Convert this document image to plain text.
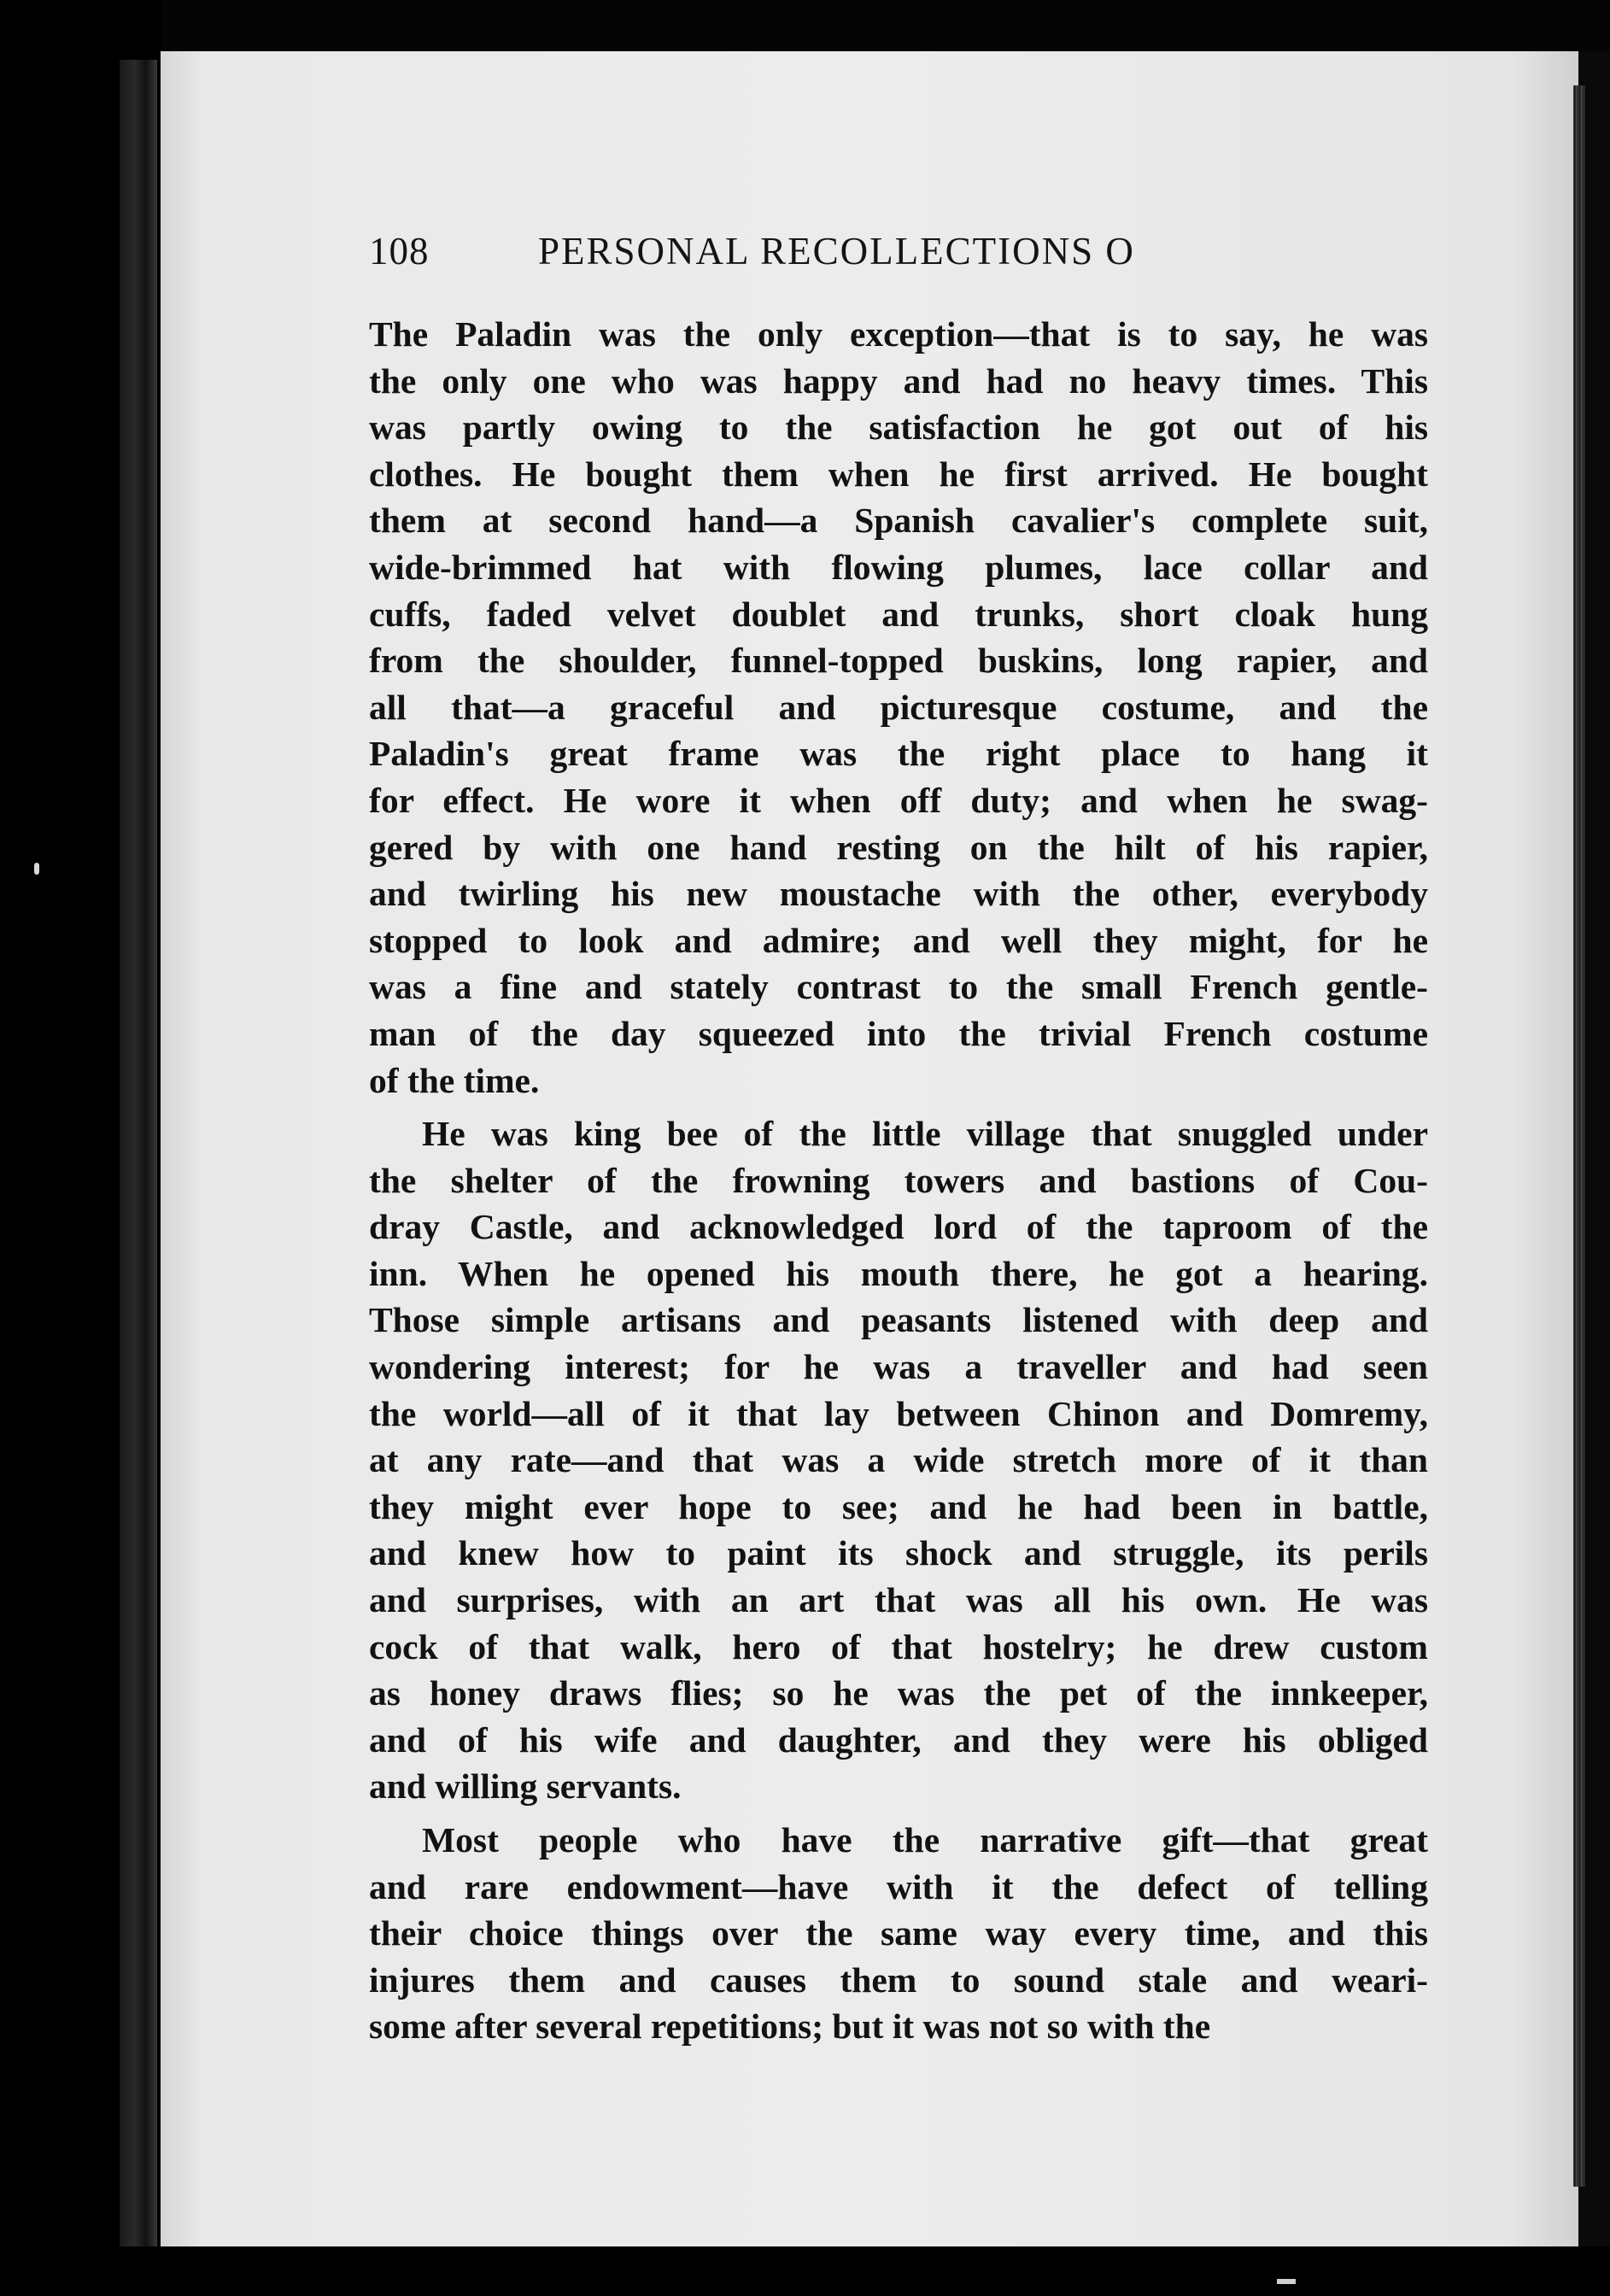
108	PERSONAL RECOLLECTIONS O
The Paladin was the only exception—that is to say, he was
the only one who was happy and had no heavy times. This
was partly owing to the satisfaction he got out of his
clothes. He bought them when he first arrived. He bought
them at second hand—a Spanish cavalier's complete suit,
wide-brimmed hat with flowing plumes, lace collar and
cuffs, faded velvet doublet and trunks, short cloak hung
from the shoulder, funnel-topped buskins, long rapier, and
all that—a graceful and picturesque costume, and the
Paladin's great frame was the right place to hang it
for effect. He wore it when off duty; and when he swag-
gered by with one hand resting on the hilt of his rapier,
and twirling his new moustache with the other, everybody
stopped to look and admire; and well they might, for he
was a fine and stately contrast to the small French gentle-
man of the day squeezed into the trivial French costume
of the time.
He was king bee of the little village that snuggled under
the shelter of the frowning towers and bastions of Cou-
dray Castle, and acknowledged lord of the taproom of the
inn. When he opened his mouth there, he got a hearing.
Those simple artisans and peasants listened with deep and
wondering interest; for he was a traveller and had seen
the world—all of it that lay between Chinon and Domremy,
at any rate—and that was a wide stretch more of it than
they might ever hope to see; and he had been in battle,
and knew how to paint its shock and struggle, its perils
and surprises, with an art that was all his own. He was
cock of that walk, hero of that hostelry; he drew custom
as honey draws flies; so he was the pet of the innkeeper,
and of his wife and daughter, and they were his obliged
and willing servants.
Most people who have the narrative gift—that great
and rare endowment—have with it the defect of telling
their choice things over the same way every time, and this
injures them and causes them to sound stale and weari-
some after several repetitions; but it was not so with the
